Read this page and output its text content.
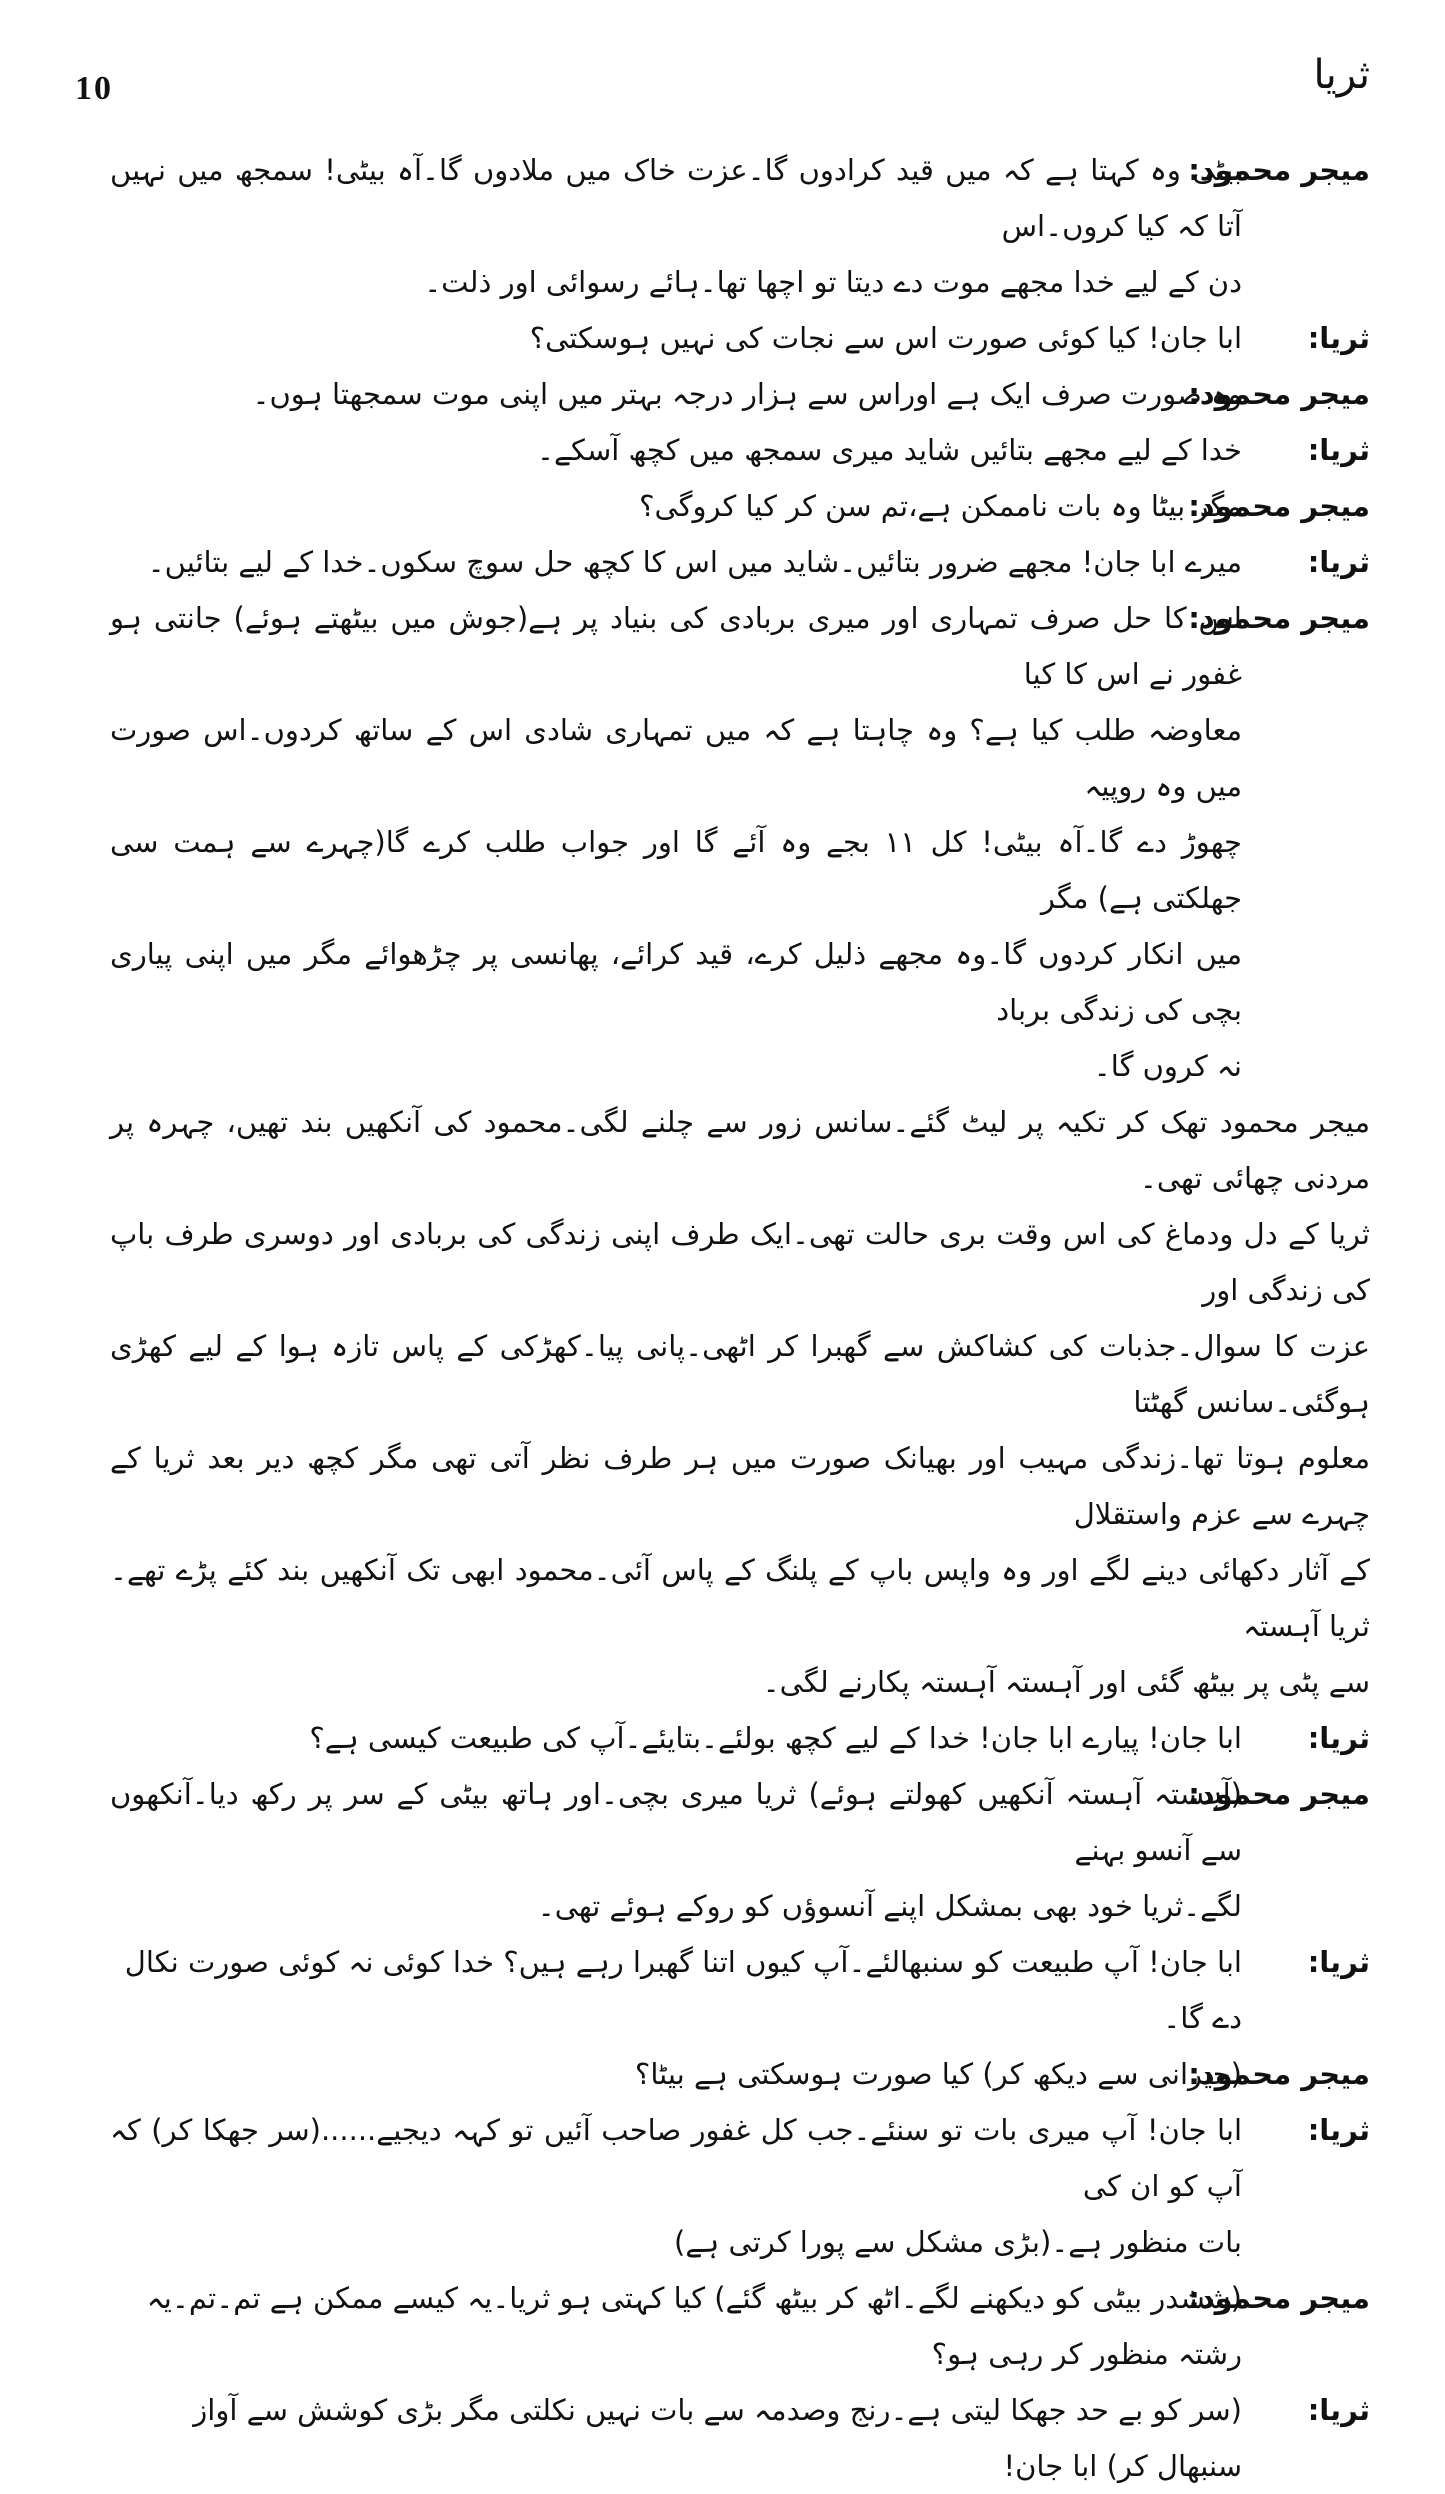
10	ثریا
میجر محمود:
بیٹی وہ کہتا ہے کہ میں قید کرادوں گا۔عزت خاک میں ملادوں گا۔آہ بیٹی! سمجھ میں نہیں آتا کہ کیا کروں۔اس
دن کے لیے خدا مجھے موت دے دیتا تو اچھا تھا۔ہائے رسوائی اور ذلت۔
ثریا:
ابا جان! کیا کوئی صورت اس سے نجات کی نہیں ہوسکتی؟
میجر محمود:
وہ صورت صرف ایک ہے اوراس سے ہزار درجہ بہتر میں اپنی موت سمجھتا ہوں۔
ثریا:
خدا کے لیے مجھے بتائیں شاید میری سمجھ میں کچھ آسکے۔
میجر محمود:
مگر بیٹا وہ بات ناممکن ہے،تم سن کر کیا کروگی؟
ثریا:
میرے ابا جان! مجھے ضرور بتائیں۔شاید میں اس کا کچھ حل سوچ سکوں۔خدا کے لیے بتائیں۔
میجر محمود:
اس کا حل صرف تمہاری اور میری بربادی کی بنیاد پر ہے(جوش میں بیٹھتے ہوئے) جانتی ہو غفور نے اس کا کیا
معاوضہ طلب کیا ہے؟ وہ چاہتا ہے کہ میں تمہاری شادی اس کے ساتھ کردوں۔اس صورت میں وہ روپیہ
چھوڑ دے گا۔آہ بیٹی! کل ۱۱ بجے وہ آئے گا اور جواب طلب کرے گا(چہرے سے ہمت سی جھلکتی ہے) مگر
میں انکار کردوں گا۔وہ مجھے ذلیل کرے، قید کرائے، پھانسی پر چڑھوائے مگر میں اپنی پیاری بچی کی زندگی برباد
نہ کروں گا۔
میجر محمود تھک کر تکیہ پر لیٹ گئے۔سانس زور سے چلنے لگی۔محمود کی آنکھیں بند تھیں، چہرہ پر مردنی چھائی تھی۔
ثریا کے دل ودماغ کی اس وقت بری حالت تھی۔ایک طرف اپنی زندگی کی بربادی اور دوسری طرف باپ کی زندگی اور
عزت کا سوال۔جذبات کی کشاکش سے گھبرا کر اٹھی۔پانی پیا۔کھڑکی کے پاس تازہ ہوا کے لیے کھڑی ہوگئی۔سانس گھٹتا
معلوم ہوتا تھا۔زندگی مہیب اور بھیانک صورت میں ہر طرف نظر آتی تھی مگر کچھ دیر بعد ثریا کے چہرے سے عزم واستقلال
کے آثار دکھائی دینے لگے اور وہ واپس باپ کے پلنگ کے پاس آئی۔محمود ابھی تک آنکھیں بند کئے پڑے تھے۔ثریا آہستہ
سے پٹی پر بیٹھ گئی اور آہستہ آہستہ پکارنے لگی۔
ثریا:
ابا جان! پیارے ابا جان! خدا کے لیے کچھ بولئے۔بتایئے۔آپ کی طبیعت کیسی ہے؟
میجر محمود:
(آہستہ آہستہ آنکھیں کھولتے ہوئے) ثریا میری بچی۔اور ہاتھ بیٹی کے سر پر رکھ دیا۔آنکھوں سے آنسو بہنے
لگے۔ثریا خود بھی بمشکل اپنے آنسوؤں کو روکے ہوئے تھی۔
ثریا:
ابا جان! آپ طبیعت کو سنبھالئے۔آپ کیوں اتنا گھبرا رہے ہیں؟ خدا کوئی نہ کوئی صورت نکال دے گا۔
میجر محمود:
(حیرانی سے دیکھ کر) کیا صورت ہوسکتی ہے بیٹا؟
ثریا:
ابا جان! آپ میری بات تو سنئے۔جب کل غفور صاحب آئیں تو کہہ دیجیے......(سر جھکا کر) کہ آپ کو ان کی
بات منظور ہے۔(بڑی مشکل سے پورا کرتی ہے)
میجر محمود:
(ششدر بیٹی کو دیکھنے لگے۔اٹھ کر بیٹھ گئے) کیا کہتی ہو ثریا۔یہ کیسے ممکن ہے تم۔تم۔یہ رشتہ منظور کر رہی ہو؟
ثریا:
(سر کو بے حد جھکا لیتی ہے۔رنج وصدمہ سے بات نہیں نکلتی مگر بڑی کوشش سے آواز سنبھال کر) ابا جان!
